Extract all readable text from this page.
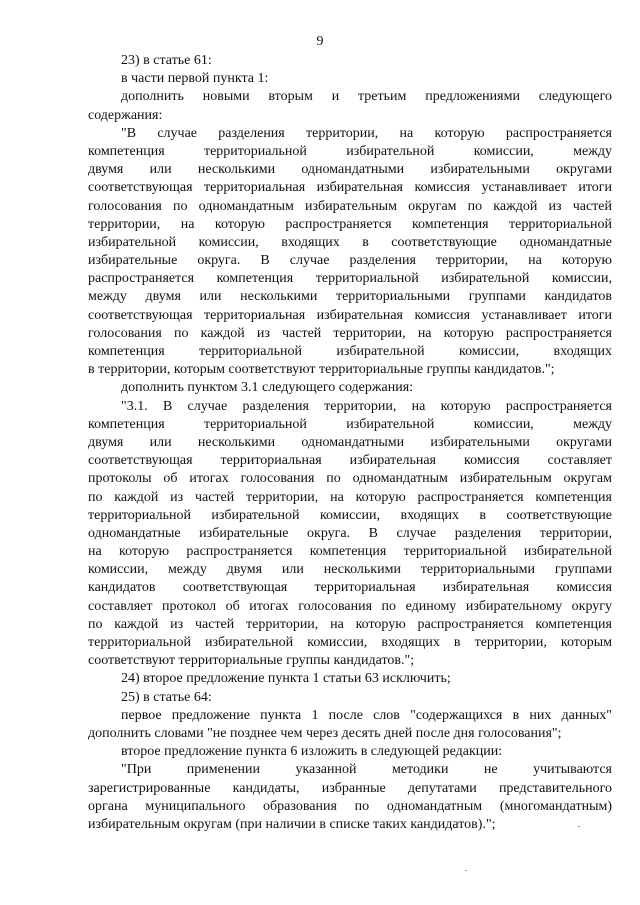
9
23) в статье 61:
в части первой пункта 1:
дополнить новыми вторым и третьим предложениями следующего
содержания:
"В случае разделения территории, на которую распространяется
компетенция территориальной избирательной комиссии, между
двумя или несколькими одномандатными избирательными округами
соответствующая территориальная избирательная комиссия устанавливает итоги
голосования по одномандатным избирательным округам по каждой из частей
территории, на которую распространяется компетенция территориальной
избирательной комиссии, входящих в соответствующие одномандатные
избирательные округа. В случае разделения территории, на которую
распространяется компетенция территориальной избирательной комиссии,
между двумя или несколькими территориальными группами кандидатов
соответствующая территориальная избирательная комиссия устанавливает итоги
голосования по каждой из частей территории, на которую распространяется
компетенция территориальной избирательной комиссии, входящих
в территории, которым соответствуют территориальные группы кандидатов.";
дополнить пунктом 3.1 следующего содержания:
"3.1. В случае разделения территории, на которую распространяется
компетенция территориальной избирательной комиссии, между
двумя или несколькими одномандатными избирательными округами
соответствующая территориальная избирательная комиссия составляет
протоколы об итогах голосования по одномандатным избирательным округам
по каждой из частей территории, на которую распространяется компетенция
территориальной избирательной комиссии, входящих в соответствующие
одномандатные избирательные округа. В случае разделения территории,
на которую распространяется компетенция территориальной избирательной
комиссии, между двумя или несколькими территориальными группами
кандидатов соответствующая территориальная избирательная комиссия
составляет протокол об итогах голосования по единому избирательному округу
по каждой из частей территории, на которую распространяется компетенция
территориальной избирательной комиссии, входящих в территории, которым
соответствуют территориальные группы кандидатов.";
24) второе предложение пункта 1 статьи 63 исключить;
25) в статье 64:
первое предложение пункта 1 после слов "содержащихся в них данных"
дополнить словами "не позднее чем через десять дней после дня голосования";
второе предложение пункта 6 изложить в следующей редакции:
"При применении указанной методики не учитываются
зарегистрированные кандидаты, избранные депутатами представительного
органа муниципального образования по одномандатным (многомандатным)
избирательным округам (при наличии в списке таких кандидатов).";
